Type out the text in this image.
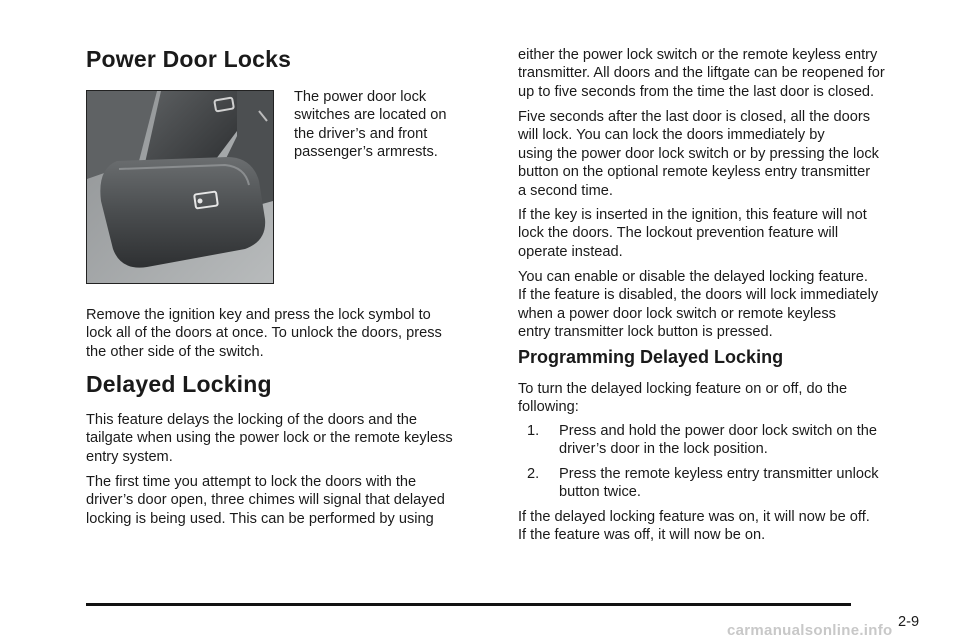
Power Door Locks

The power door lock
switches are located on
the driver’s and front
passenger’s armrests.

Remove the ignition key and press the lock symbol to
lock all of the doors at once. To unlock the doors, press
the other side of the switch.

Delayed Locking

This feature delays the locking of the doors and the
tailgate when using the power lock or the remote keyless
entry system.

The first time you attempt to lock the doors with the
driver’s door open, three chimes will signal that delayed
locking is being used. This can be performed by using

either the power lock switch or the remote keyless entry
transmitter. All doors and the liftgate can be reopened for
up to five seconds from the time the last door is closed.

Five seconds after the last door is closed, all the doors
will lock. You can lock the doors immediately by
using the power door lock switch or by pressing the lock
button on the optional remote keyless entry transmitter
a second time.

If the key is inserted in the ignition, this feature will not
lock the doors. The lockout prevention feature will
operate instead.

You can enable or disable the delayed locking feature.
If the feature is disabled, the doors will lock immediately
when a power door lock switch or remote keyless
entry transmitter lock button is pressed.

Programming Delayed Locking

To turn the delayed locking feature on or off, do the
following:

1.	Press and hold the power door lock switch on the
driver’s door in the lock position.
2.	Press the remote keyless entry transmitter unlock
button twice.

If the delayed locking feature was on, it will now be off.
If the feature was off, it will now be on.

2-9
carmanualsonline.info
